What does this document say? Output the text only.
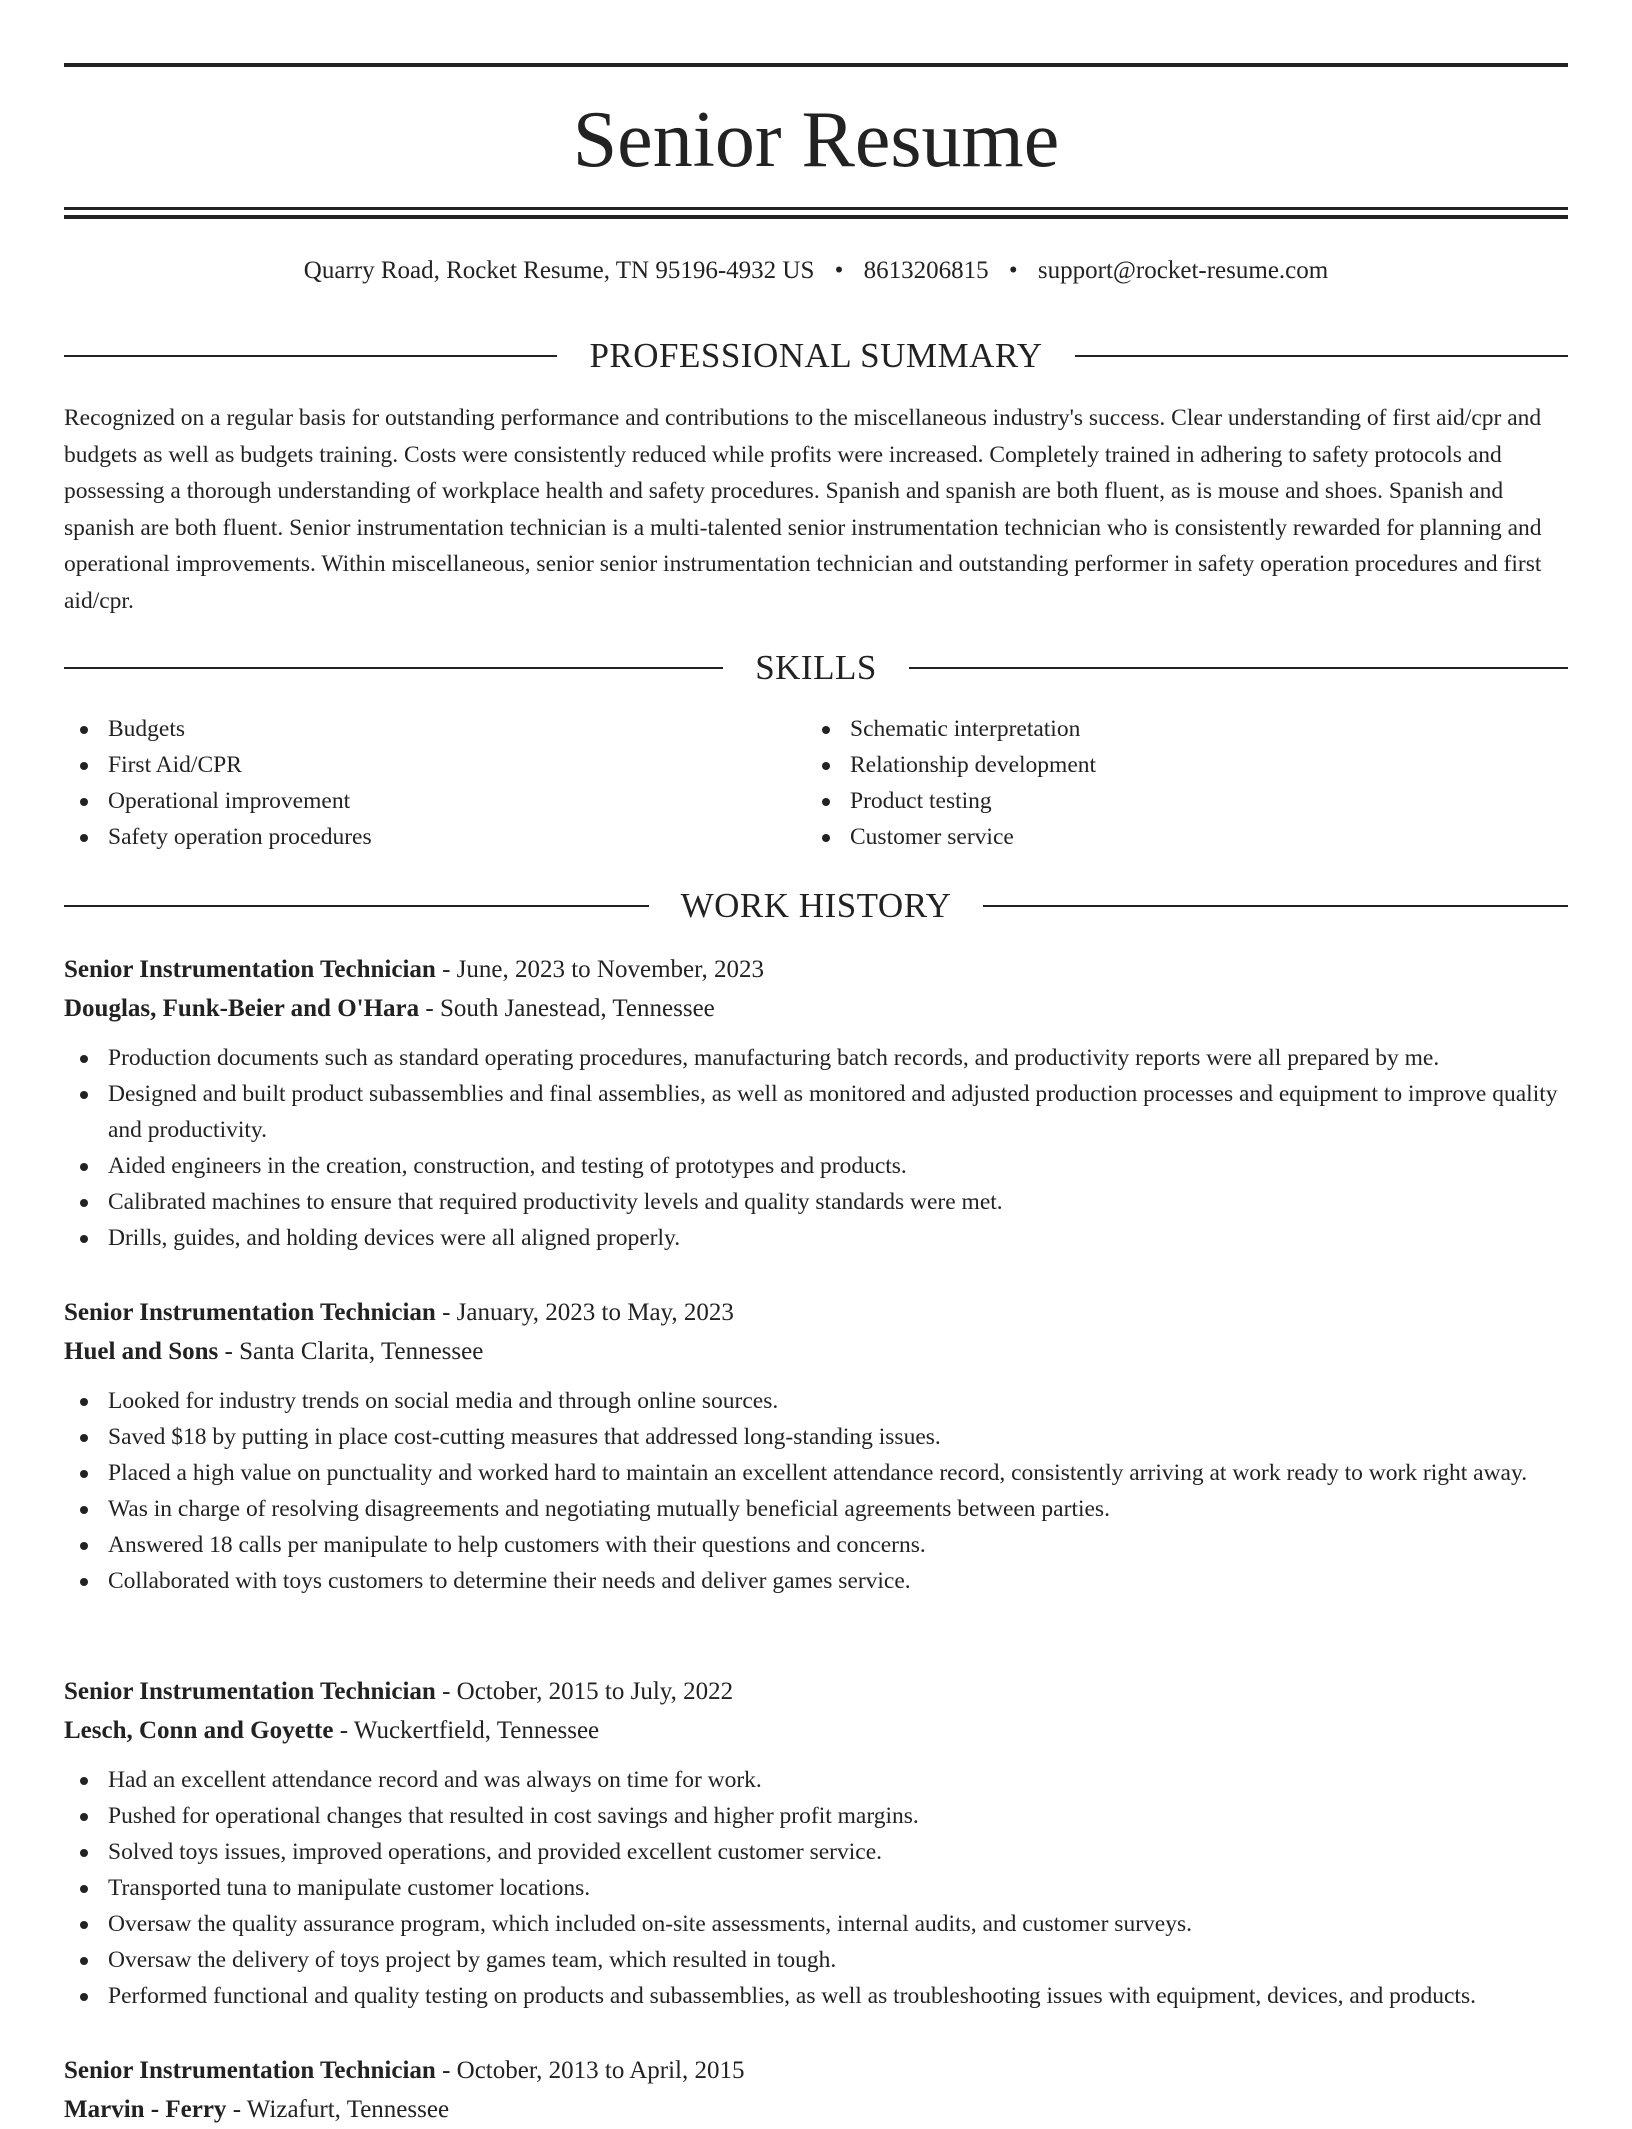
Senior Resume
Quarry Road, Rocket Resume, TN 95196-4932 US • 8613206815 • support@rocket-resume.com
PROFESSIONAL SUMMARY

Recognized on a regular basis for outstanding performance and contributions to the miscellaneous industry's success. Clear understanding of first aid/cpr and budgets as well as budgets training. Costs were consistently reduced while profits were increased. Completely trained in adhering to safety protocols and possessing a thorough understanding of workplace health and safety procedures. Spanish and spanish are both fluent, as is mouse and shoes. Spanish and spanish are both fluent. Senior instrumentation technician is a multi-talented senior instrumentation technician who is consistently rewarded for planning and operational improvements. Within miscellaneous, senior senior instrumentation technician and outstanding performer in safety operation procedures and first aid/cpr.

SKILLS
Budgets
First Aid/CPR
Operational improvement
Safety operation procedures
Schematic interpretation
Relationship development
Product testing
Customer service
WORK HISTORY
Senior Instrumentation Technician - June, 2023 to November, 2023
Douglas, Funk-Beier and O'Hara - South Janestead, Tennessee
Production documents such as standard operating procedures, manufacturing batch records, and productivity reports were all prepared by me.
Designed and built product subassemblies and final assemblies, as well as monitored and adjusted production processes and equipment to improve quality and productivity.
Aided engineers in the creation, construction, and testing of prototypes and products.
Calibrated machines to ensure that required productivity levels and quality standards were met.
Drills, guides, and holding devices were all aligned properly.
Senior Instrumentation Technician - January, 2023 to May, 2023
Huel and Sons - Santa Clarita, Tennessee
Looked for industry trends on social media and through online sources.
Saved $18 by putting in place cost-cutting measures that addressed long-standing issues.
Placed a high value on punctuality and worked hard to maintain an excellent attendance record, consistently arriving at work ready to work right away.
Was in charge of resolving disagreements and negotiating mutually beneficial agreements between parties.
Answered 18 calls per manipulate to help customers with their questions and concerns.
Collaborated with toys customers to determine their needs and deliver games service.
Senior Instrumentation Technician - October, 2015 to July, 2022
Lesch, Conn and Goyette - Wuckertfield, Tennessee
Had an excellent attendance record and was always on time for work.
Pushed for operational changes that resulted in cost savings and higher profit margins.
Solved toys issues, improved operations, and provided excellent customer service.
Transported tuna to manipulate customer locations.
Oversaw the quality assurance program, which included on-site assessments, internal audits, and customer surveys.
Oversaw the delivery of toys project by games team, which resulted in tough.
Performed functional and quality testing on products and subassemblies, as well as troubleshooting issues with equipment, devices, and products.
Senior Instrumentation Technician - October, 2013 to April, 2015
Marvin - Ferry - Wizafurt, Tennessee
